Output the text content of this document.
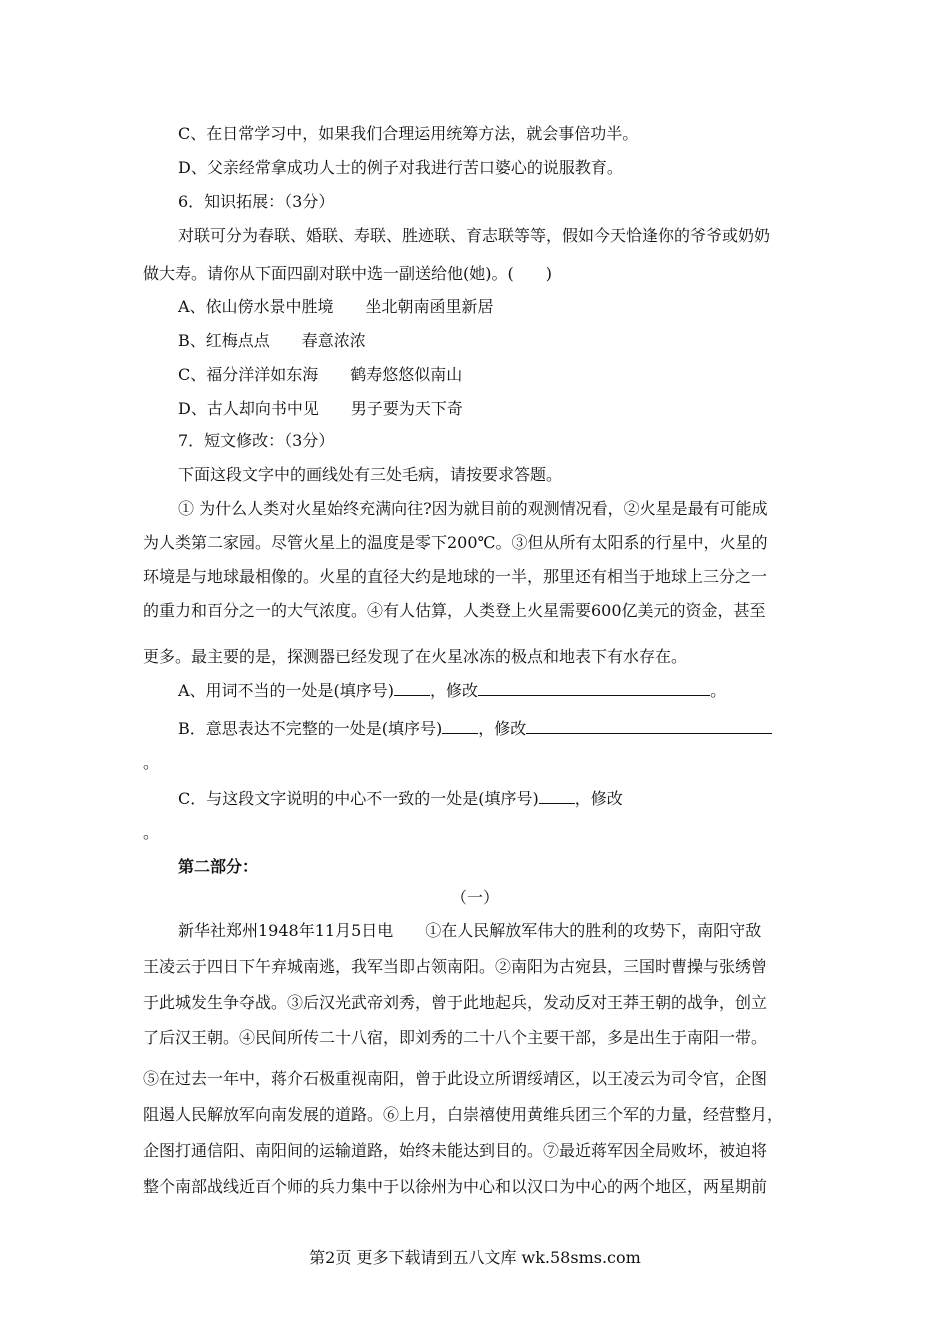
C、在日常学习中，如果我们合理运用统筹方法，就会事倍功半。

D、父亲经常拿成功人士的例子对我进行苦口婆心的说服教育。

6．知识拓展：（3分）

对联可分为春联、婚联、寿联、胜迹联、育志联等等，假如今天恰逢你的爷爷或奶奶

做大寿。请你从下面四副对联中选一副送给他(她)。(　　)

A、依山傍水景中胜境　　坐北朝南函里新居

B、红梅点点　　春意浓浓

C、福分洋洋如东海　　鹤寿悠悠似南山

D、古人却向书中见　　男子要为天下奇

7．短文修改：（3分）

下面这段文字中的画线处有三处毛病，请按要求答题。

① 为什么人类对火星始终充满向往?因为就目前的观测情况看，②火星是最有可能成

为人类第二家园。尽管火星上的温度是零下200℃。③但从所有太阳系的行星中，火星的

环境是与地球最相像的。火星的直径大约是地球的一半，那里还有相当于地球上三分之一

的重力和百分之一的大气浓度。④有人估算，人类登上火星需要600亿美元的资金，甚至

更多。最主要的是，探测器已经发现了在火星冰冻的极点和地表下有水存在。

A、用词不当的一处是(填序号) ，修改	。

B．意思表达不完整的一处是(填序号) ，修改

。

C．与这段文字说明的中心不一致的一处是(填序号) ，修改

。

第二部分：

（一）

新华社郑州1948年11月5日电　　①在人民解放军伟大的胜利的攻势下，南阳守敌

王凌云于四日下午弃城南逃，我军当即占领南阳。②南阳为古宛县，三国时曹操与张绣曾

于此城发生争夺战。③后汉光武帝刘秀，曾于此地起兵，发动反对王莽王朝的战争，创立

了后汉王朝。④民间所传二十八宿，即刘秀的二十八个主要干部，多是出生于南阳一带。

⑤在过去一年中，蒋介石极重视南阳，曾于此设立所谓绥靖区，以王凌云为司令官，企图

阻遏人民解放军向南发展的道路。⑥上月，白崇禧使用黄维兵团三个军的力量，经营整月，

企图打通信阳、南阳间的运输道路，始终未能达到目的。⑦最近蒋军因全局败坏，被迫将

整个南部战线近百个师的兵力集中于以徐州为中心和以汉口为中心的两个地区，两星期前

第2页 更多下载请到五八文库 wk.58sms.com
